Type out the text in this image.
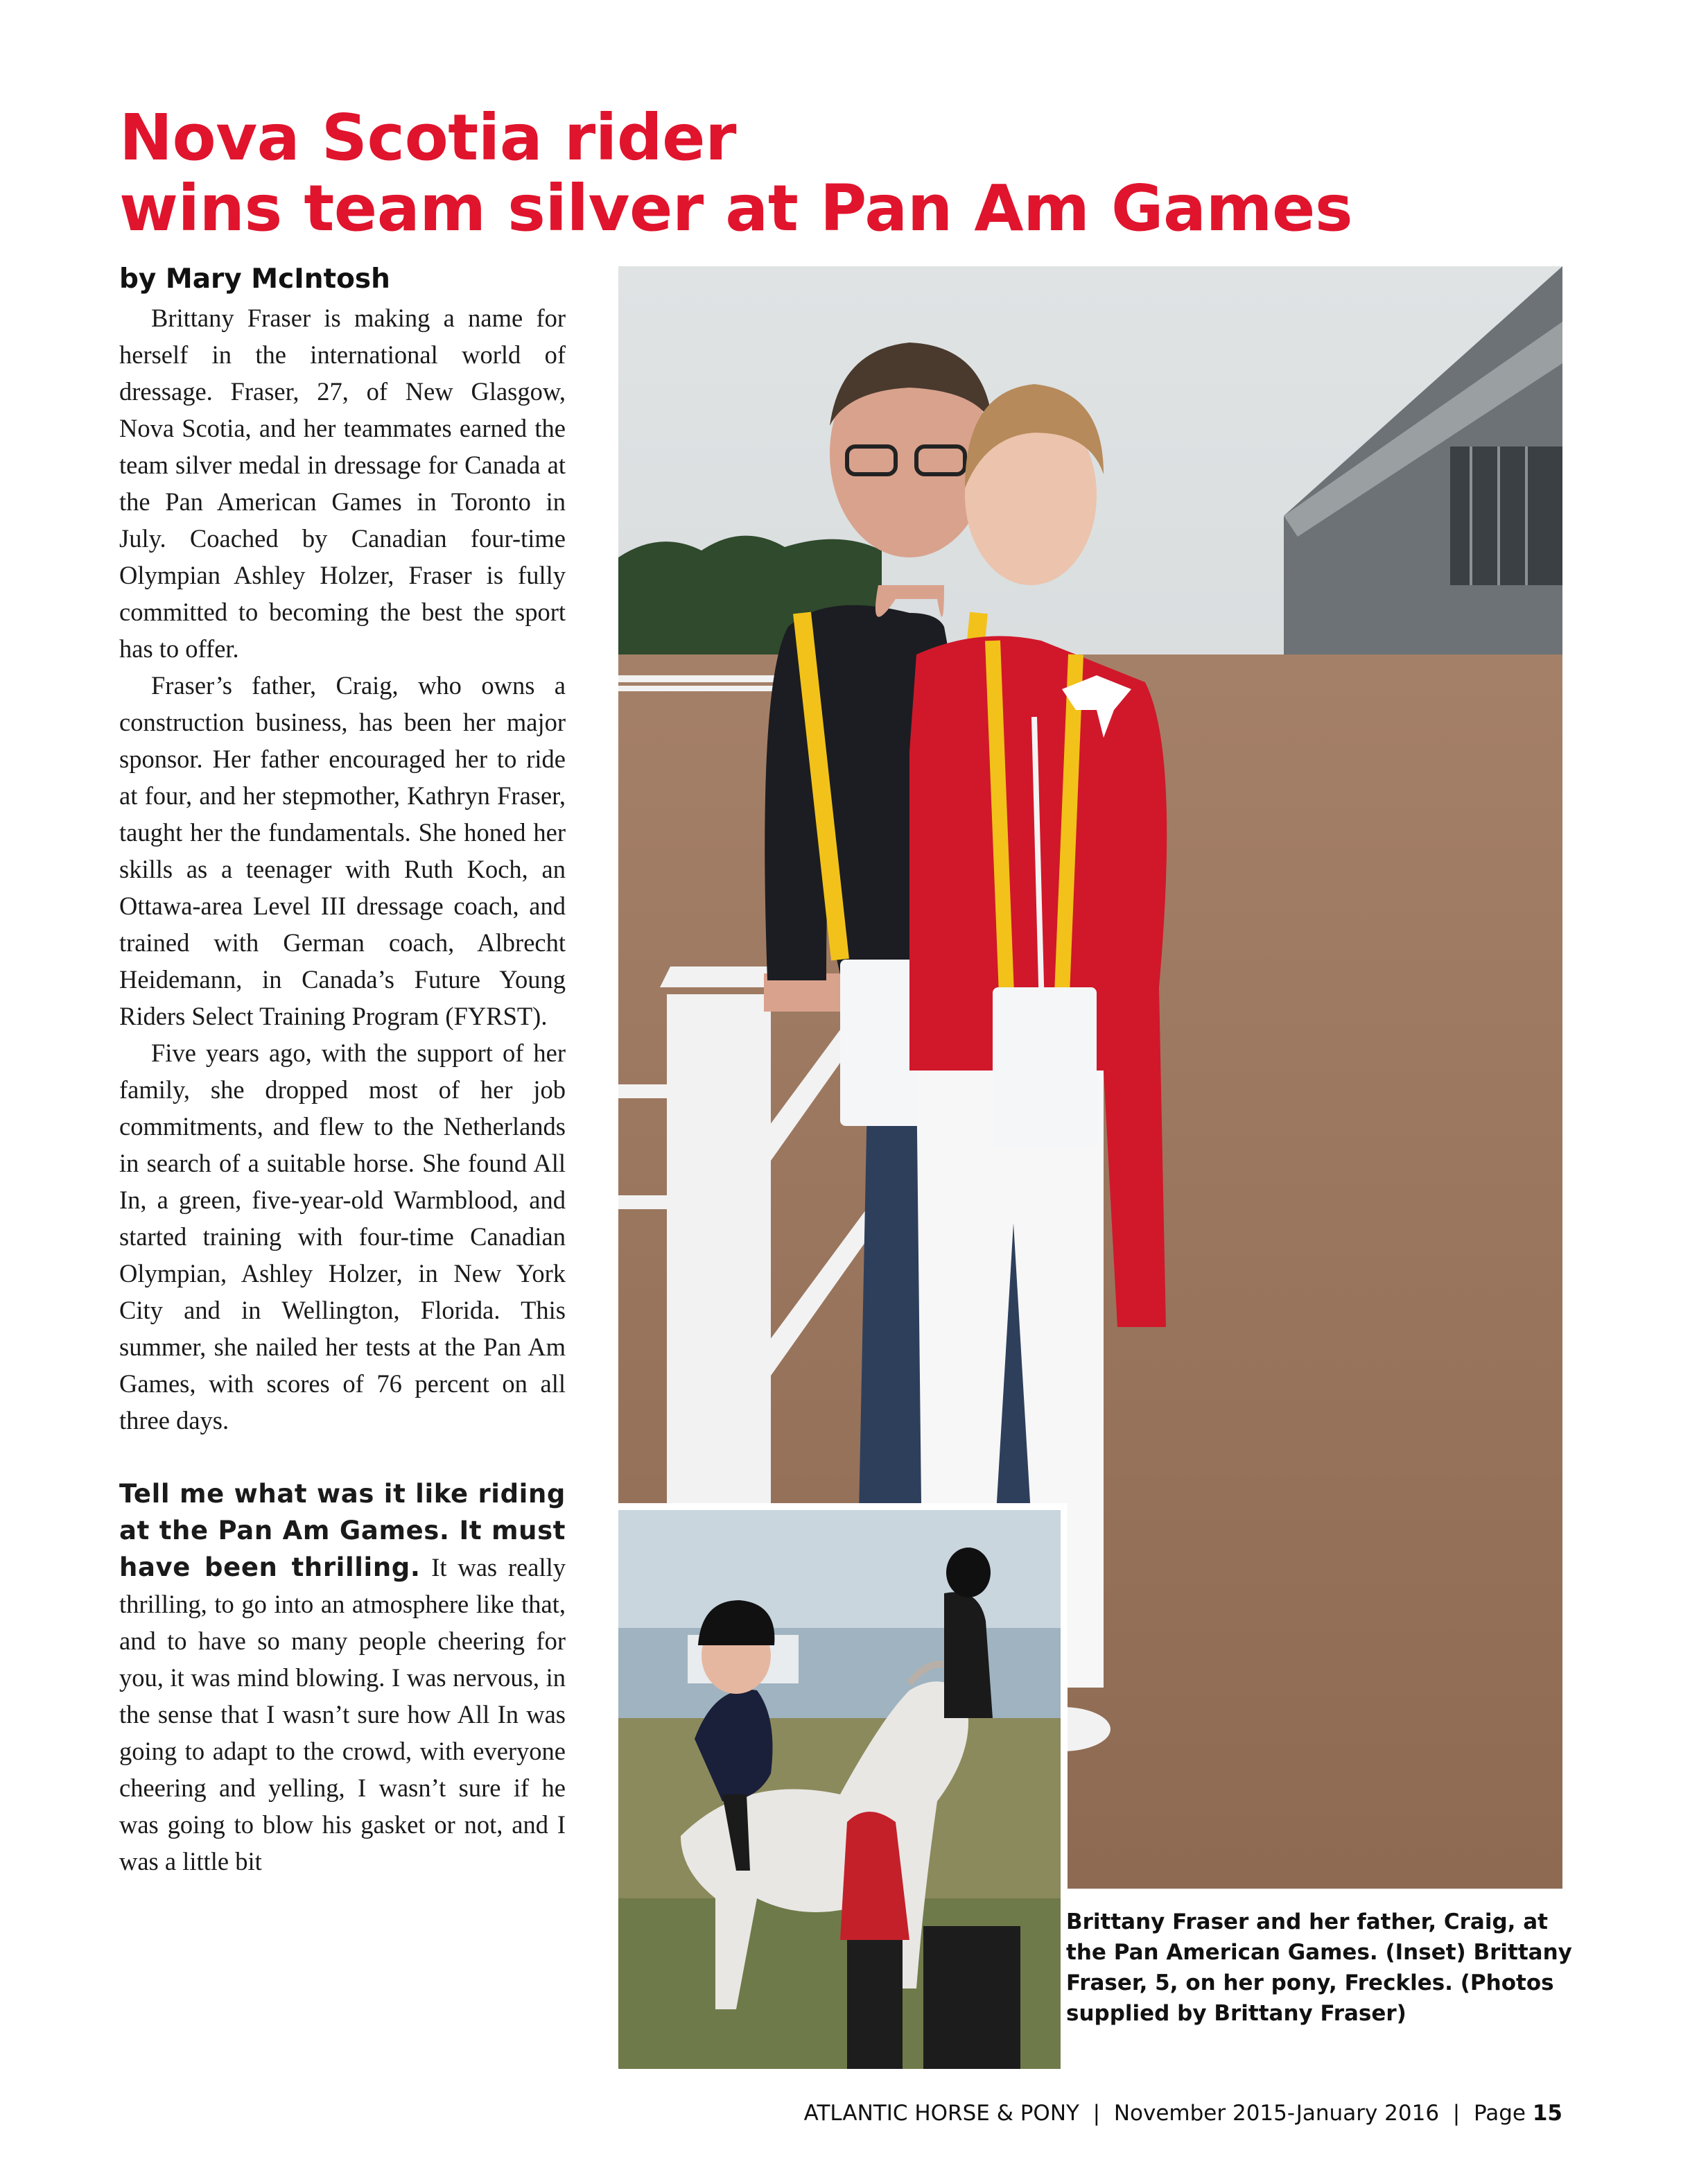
Nova Scotia rider
wins team silver at Pan Am Games
by Mary McIntosh

Brittany Fraser is making a name for herself in the international world of dressage. Fraser, 27, of New Glasgow, Nova Scotia, and her teammates earned the team silver medal in dressage for Canada at the Pan American Games in Toronto in July. Coached by Canadian four-time Olympian Ashley Holzer, Fraser is fully committed to becoming the best the sport has to offer.

Fraser’s father, Craig, who owns a construction business, has been her major sponsor. Her father encouraged her to ride at four, and her stepmother, Kathryn Fraser, taught her the fundamentals. She honed her skills as a teenager with Ruth Koch, an Ottawa-area Level III dressage coach, and trained with German coach, Albrecht Heidemann, in Canada’s Future Young Riders Select Training Program (FYRST).

Five years ago, with the support of her family, she dropped most of her job commitments, and flew to the Netherlands in search of a suitable horse. She found All In, a green, five-year-old Warmblood, and started training with four-time Canadian Olympian, Ashley Holzer, in New York City and in Wellington, Florida. This summer, she nailed her tests at the Pan Am Games, with scores of 76 percent on all three days.

Tell me what was it like riding at the Pan Am Games. It must have been thrilling. It was really thrilling, to go into an atmosphere like that, and to have so many people cheering for you, it was mind blowing. I was nervous, in the sense that I wasn’t sure how All In was going to adapt to the crowd, with everyone cheering and yelling, I wasn’t sure if he was going to blow his gasket or not, and I was a little bit

Brittany Fraser and her father, Craig, at the Pan American Games. (Inset) Brittany Fraser, 5, on her pony, Freckles. (Photos supplied by Brittany Fraser)
ATLANTIC HORSE & PONY | November 2015-January 2016 | Page 15
